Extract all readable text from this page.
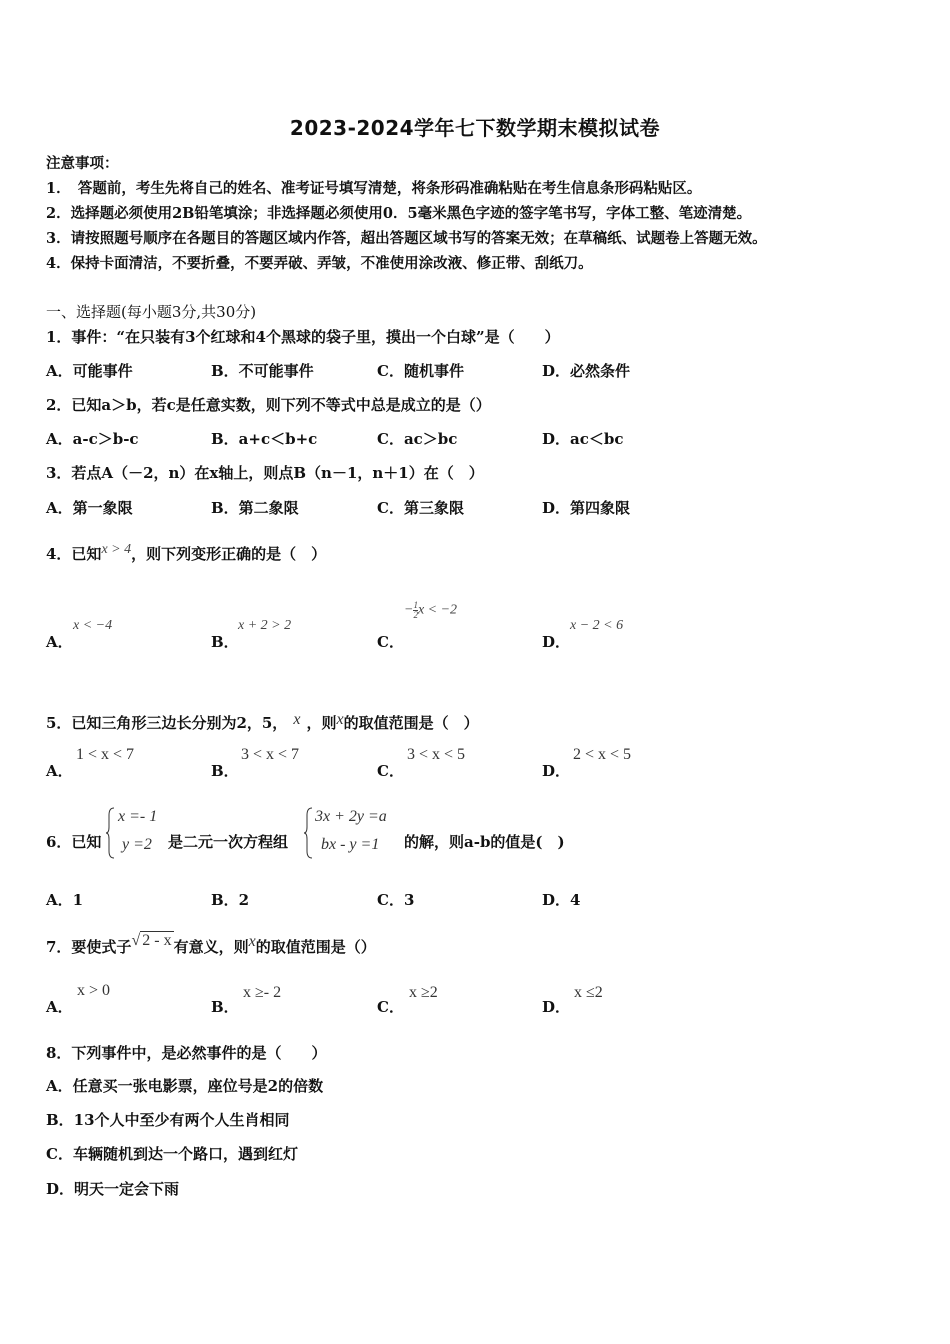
2023-2024学年七下数学期末模拟试卷
注意事项：
1．　答题前，考生先将自己的姓名、准考证号填写清楚，将条形码准确粘贴在考生信息条形码粘贴区。
2．选择题必须使用2B铅笔填涂；非选择题必须使用0．5毫米黑色字迹的签字笔书写，字体工整、笔迹清楚。
3．请按照题号顺序在各题目的答题区域内作答，超出答题区域书写的答案无效；在草稿纸、试题卷上答题无效。
4．保持卡面清洁，不要折叠，不要弄破、弄皱，不准使用涂改液、修正带、刮纸刀。
一、选择题(每小题3分,共30分)
1．事件：“在只装有3个红球和4个黑球的袋子里，摸出一个白球”是（　　）
A．可能事件	B．不可能事件	C．随机事件	D．必然条件
2．已知a＞b，若c是任意实数，则下列不等式中总是成立的是（）
A．a-c＞b-c	B．a+c＜b+c	C．ac＞bc	D．ac＜bc
3．若点A（－2，n）在x轴上，则点B（n－1，n＋1）在（　）
A．第一象限	B．第二象限	C．第三象限	D．第四象限
4．已知x > 4，则下列变形正确的是（　）
A．
x < −4
B．
x + 2 > 2
C．
− $\frac{1}{2}$ x < −2
D．
x − 2 < 6
5．已知三角形三边长分别为2，5， x ，则x的取值范围是（　）
A．
1 < x < 7
B．
3 < x < 7
C．
3 < x < 5
D．
2 < x < 5
6．已知
x =- 1
y =2 是二元一次方程组
3x + 2y =a
bx - y =1 的解，则a-b的值是(　)
A．1	B．2	C．3	D．4
7．要使式子√ 2 - x 有意义，则x的取值范围是（）
A．
x > 0
B．
x ≥- 2
C．
x ≥2
D．
x ≤2
8．下列事件中，是必然事件的是（　　）
A．任意买一张电影票，座位号是2的倍数
B．13个人中至少有两个人生肖相同
C．车辆随机到达一个路口，遇到红灯
D．明天一定会下雨
